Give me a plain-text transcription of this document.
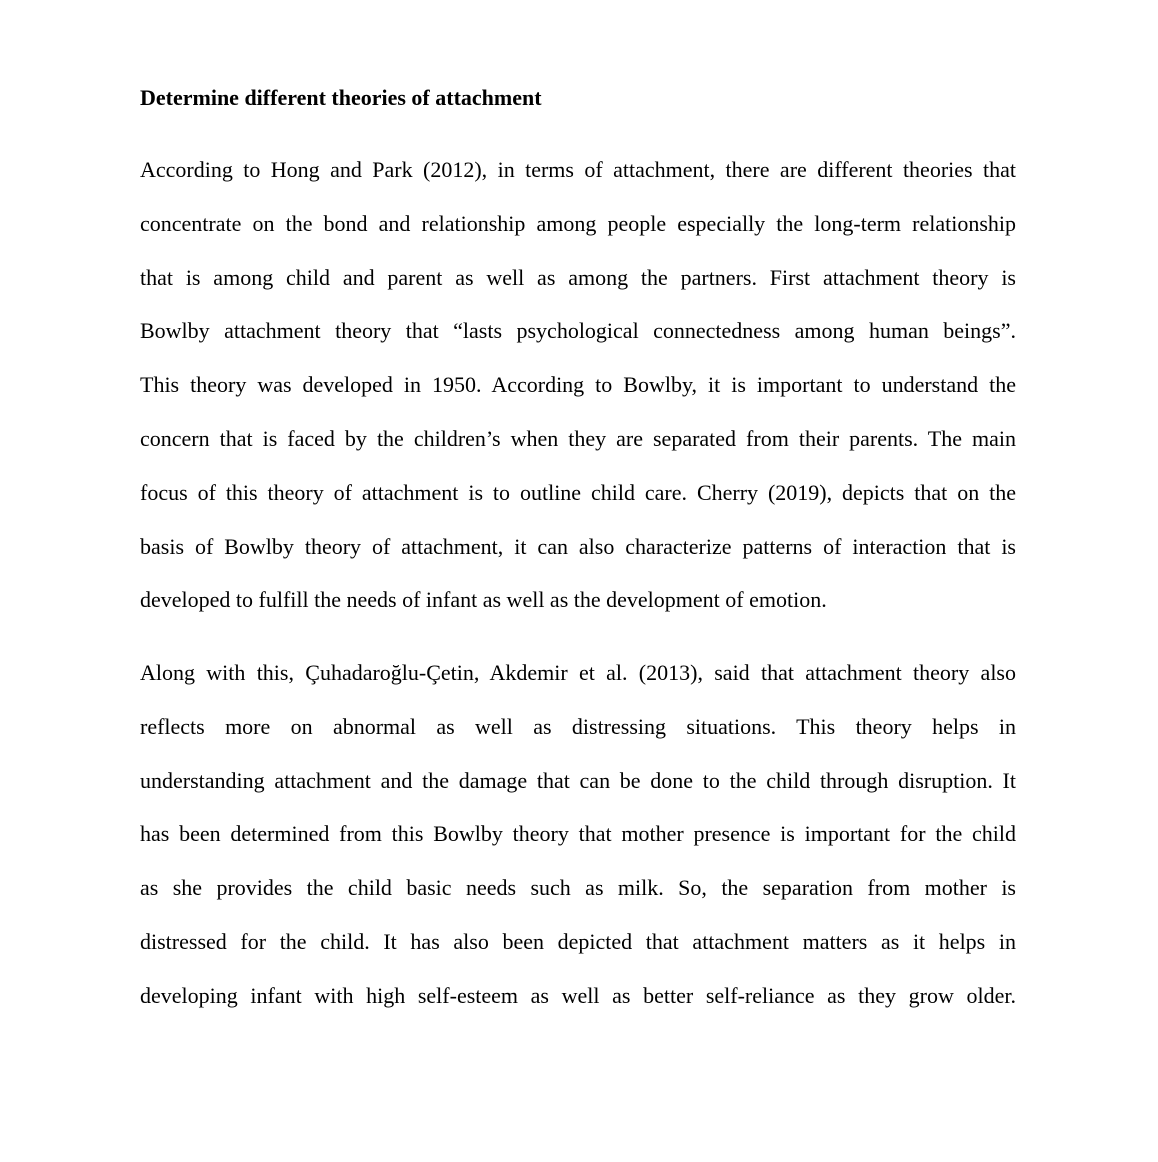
Determine different theories of attachment

According to Hong and Park (2012), in terms of attachment, there are different theories that
concentrate on the bond and relationship among people especially the long-term relationship
that is among child and parent as well as among the partners. First attachment theory is
Bowlby attachment theory that “lasts psychological connectedness among human beings”.
This theory was developed in 1950. According to Bowlby, it is important to understand the
concern that is faced by the children’s when they are separated from their parents. The main
focus of this theory of attachment is to outline child care. Cherry (2019), depicts that on the
basis of Bowlby theory of attachment, it can also characterize patterns of interaction that is
developed to fulfill the needs of infant as well as the development of emotion.

Along with this, Çuhadaroğlu-Çetin, Akdemir et al. (2013), said that attachment theory also
reflects more on abnormal as well as distressing situations. This theory helps in
understanding attachment and the damage that can be done to the child through disruption. It
has been determined from this Bowlby theory that mother presence is important for the child
as she provides the child basic needs such as milk. So, the separation from mother is
distressed for the child. It has also been depicted that attachment matters as it helps in
developing infant with high self-esteem as well as better self-reliance as they grow older.
